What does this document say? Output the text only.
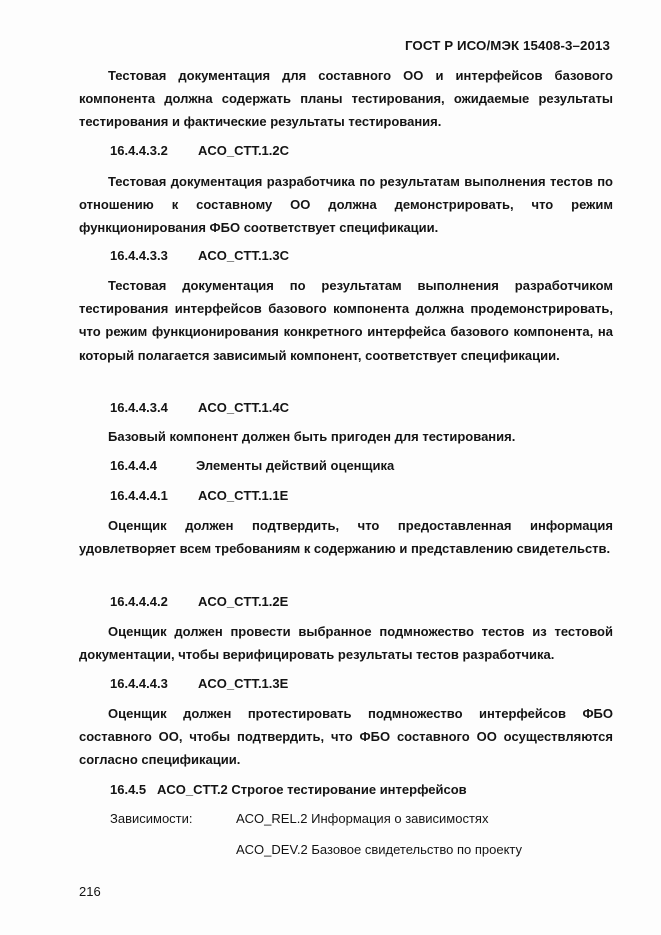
ГОСТ Р ИСО/МЭК 15408-3–2013

Тестовая документация для составного ОО и интерфейсов базового компонента должна содержать планы тестирования, ожидаемые результаты тестирования и фактические результаты тестирования.

16.4.4.3.2 ACO_CTT.1.2C

Тестовая документация разработчика по результатам выполнения тестов по отношению к составному ОО должна демонстрировать, что режим функционирования ФБО соответствует спецификации.

16.4.4.3.3 ACO_CTT.1.3C

Тестовая документация по результатам выполнения разработчиком тестирования интерфейсов базового компонента должна продемонстрировать, что режим функционирования конкретного интерфейса базового компонента, на который полагается зависимый компонент, соответствует спецификации.

16.4.4.3.4 ACO_CTT.1.4C

Базовый компонент должен быть пригоден для тестирования.

16.4.4.4	Элементы действий оценщика
16.4.4.4.1 ACO_CTT.1.1E

Оценщик должен подтвердить, что предоставленная информация удовлетворяет всем требованиям к содержанию и представлению свидетельств.

16.4.4.4.2 ACO_CTT.1.2E

Оценщик должен провести выбранное подмножество тестов из тестовой документации, чтобы верифицировать результаты тестов разработчика.

16.4.4.4.3 ACO_CTT.1.3E

Оценщик должен протестировать подмножество интерфейсов ФБО составного ОО, чтобы подтвердить, что ФБО составного ОО осуществляются согласно спецификации.

16.4.5 ACO_CTT.2 Строгое тестирование интерфейсов
Зависимости:	ACO_REL.2 Информация о зависимостях
ACO_DEV.2 Базовое свидетельство по проекту
216
